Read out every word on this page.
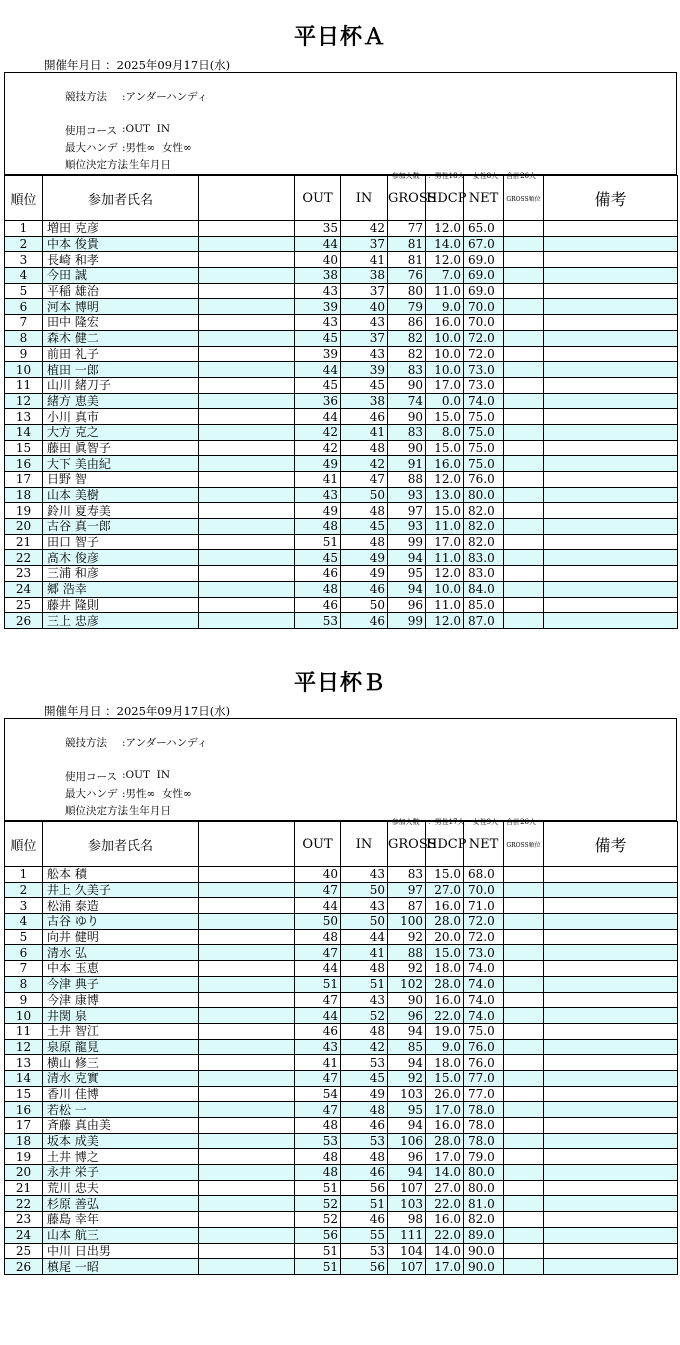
平日杯Ａ
開催年月日 ：2025年09月17日(水)

競技方法 :アンダーハンディ

使用コース :OUT  IN

最大ハンデ :男性∞  女性∞

順位決定方法
: 生年月日

参加人数 ：男性18人 女性8人 合計26人

順位	参加者氏名		OUT	IN	GROSS	HDCP	NET	GROSS順位	備考
1	増田 克彦		35	42	77	12.0	65.0		
2	中本 俊貴		44	37	81	14.0	67.0		
3	長崎 和孝		40	41	81	12.0	69.0		
4	今田 誠		38	38	76	7.0	69.0		
5	平稲 雄治		43	37	80	11.0	69.0		
6	河本 博明		39	40	79	9.0	70.0		
7	田中 隆宏		43	43	86	16.0	70.0		
8	森木 健二		45	37	82	10.0	72.0		
9	前田 礼子		39	43	82	10.0	72.0		
10	植田 一郎		44	39	83	10.0	73.0		
11	山川 緒刀子		45	45	90	17.0	73.0		
12	緒方 恵美		36	38	74	0.0	74.0		
13	小川 真市		44	46	90	15.0	75.0		
14	大方 克之		42	41	83	8.0	75.0		
15	藤田 眞智子		42	48	90	15.0	75.0		
16	大下 美由紀		49	42	91	16.0	75.0		
17	日野 智		41	47	88	12.0	76.0		
18	山本 美樹		43	50	93	13.0	80.0		
19	鈴川 夏寿美		49	48	97	15.0	82.0		
20	古谷 真一郎		48	45	93	11.0	82.0		
21	田口 智子		51	48	99	17.0	82.0		
22	髙木 俊彦		45	49	94	11.0	83.0		
23	三浦 和彦		46	49	95	12.0	83.0		
24	郷 浩幸		48	46	94	10.0	84.0		
25	藤井 隆則		46	50	96	11.0	85.0		
26	三上 忠彦		53	46	99	12.0	87.0		
平日杯Ｂ
開催年月日 ：2025年09月17日(水)

競技方法 :アンダーハンディ

使用コース :OUT  IN

最大ハンデ :男性∞  女性∞

順位決定方法
: 生年月日

参加人数 ：男性17人 女性9人 合計26人

順位	参加者氏名		OUT	IN	GROSS	HDCP	NET	GROSS順位	備考
1	舩本 積		40	43	83	15.0	68.0		
2	井上 久美子		47	50	97	27.0	70.0		
3	松浦 泰造		44	43	87	16.0	71.0		
4	古谷 ゆり		50	50	100	28.0	72.0		
5	向井 健明		48	44	92	20.0	72.0		
6	清水 弘		47	41	88	15.0	73.0		
7	中本 玉恵		44	48	92	18.0	74.0		
8	今津 典子		51	51	102	28.0	74.0		
9	今津 康博		47	43	90	16.0	74.0		
10	井関 泉		44	52	96	22.0	74.0		
11	土井 智江		46	48	94	19.0	75.0		
12	泉原 龍見		43	42	85	9.0	76.0		
13	横山 修三		41	53	94	18.0	76.0		
14	清水 克實		47	45	92	15.0	77.0		
15	香川 佳博		54	49	103	26.0	77.0		
16	若松 一		47	48	95	17.0	78.0		
17	斉藤 真由美		48	46	94	16.0	78.0		
18	坂本 成美		53	53	106	28.0	78.0		
19	土井 博之		48	48	96	17.0	79.0		
20	永井 栄子		48	46	94	14.0	80.0		
21	荒川 忠夫		51	56	107	27.0	80.0		
22	杉原 善弘		52	51	103	22.0	81.0		
23	藤島 幸年		52	46	98	16.0	82.0		
24	山本 航三		56	55	111	22.0	89.0		
25	中川 日出男		51	53	104	14.0	90.0		
26	槙尾 一昭		51	56	107	17.0	90.0		
